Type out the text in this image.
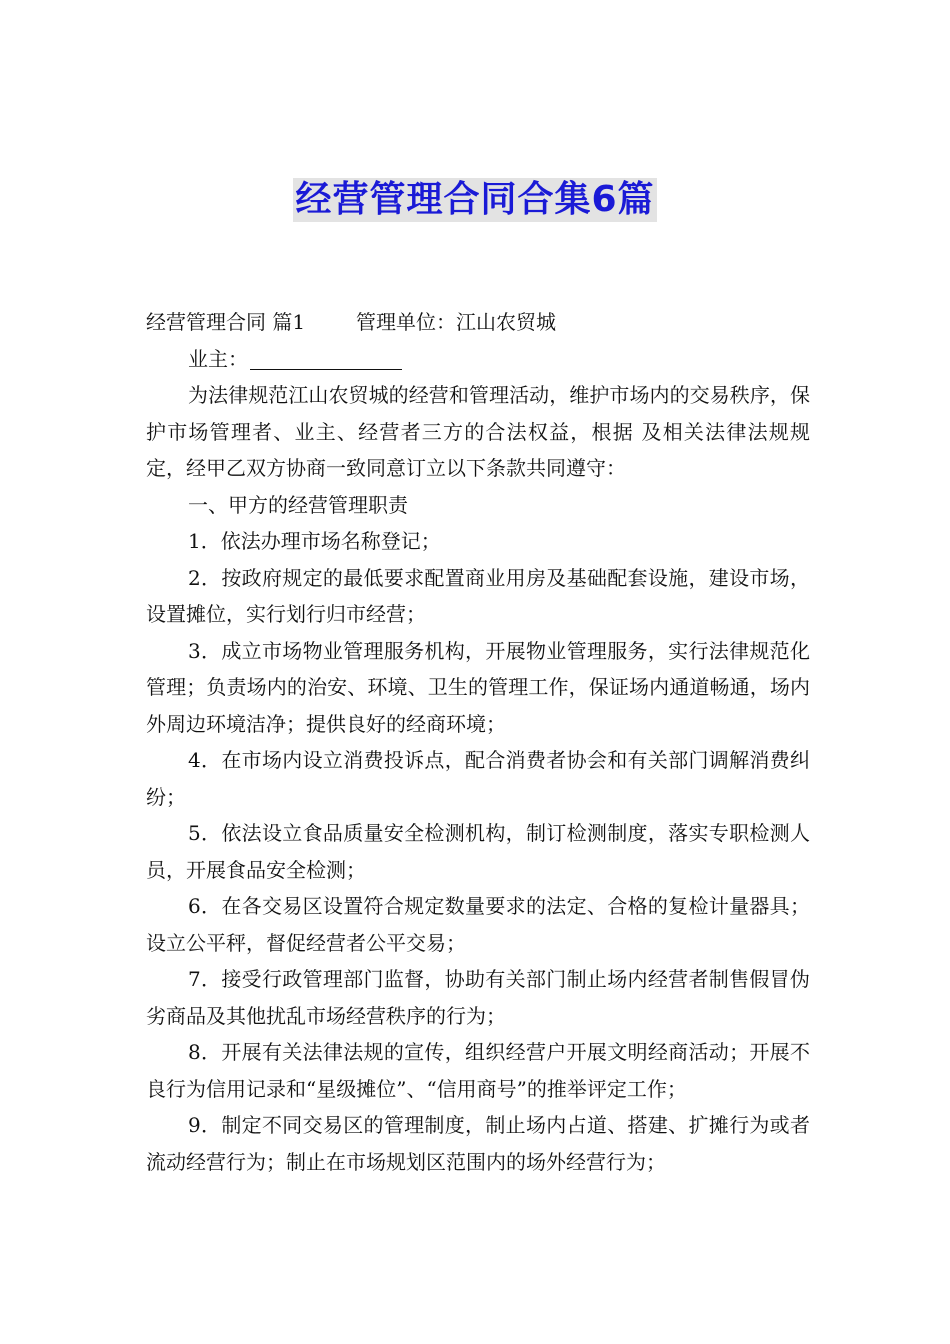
经营管理合同合集6篇

经营管理合同 篇1	管理单位：江山农贸城

业主：

为法律规范江山农贸城的经营和管理活动，维护市场内的交易秩序，保护市场管理者、业主、经营者三方的合法权益，根据 及相关法律法规规定，经甲乙双方协商一致同意订立以下条款共同遵守：

一、甲方的经营管理职责

1．依法办理市场名称登记；

2．按政府规定的最低要求配置商业用房及基础配套设施，建设市场，设置摊位，实行划行归市经营；

3．成立市场物业管理服务机构，开展物业管理服务，实行法律规范化管理；负责场内的治安、环境、卫生的管理工作，保证场内通道畅通，场内外周边环境洁净；提供良好的经商环境；

4．在市场内设立消费投诉点，配合消费者协会和有关部门调解消费纠纷；

5．依法设立食品质量安全检测机构，制订检测制度，落实专职检测人员，开展食品安全检测；

6．在各交易区设置符合规定数量要求的法定、合格的复检计量器具；设立公平秤，督促经营者公平交易；

7．接受行政管理部门监督，协助有关部门制止场内经营者制售假冒伪劣商品及其他扰乱市场经营秩序的行为；

8．开展有关法律法规的宣传，组织经营户开展文明经商活动；开展不良行为信用记录和“星级摊位”、“信用商号”的推举评定工作；

9．制定不同交易区的管理制度，制止场内占道、搭建、扩摊行为或者流动经营行为；制止在市场规划区范围内的场外经营行为；
